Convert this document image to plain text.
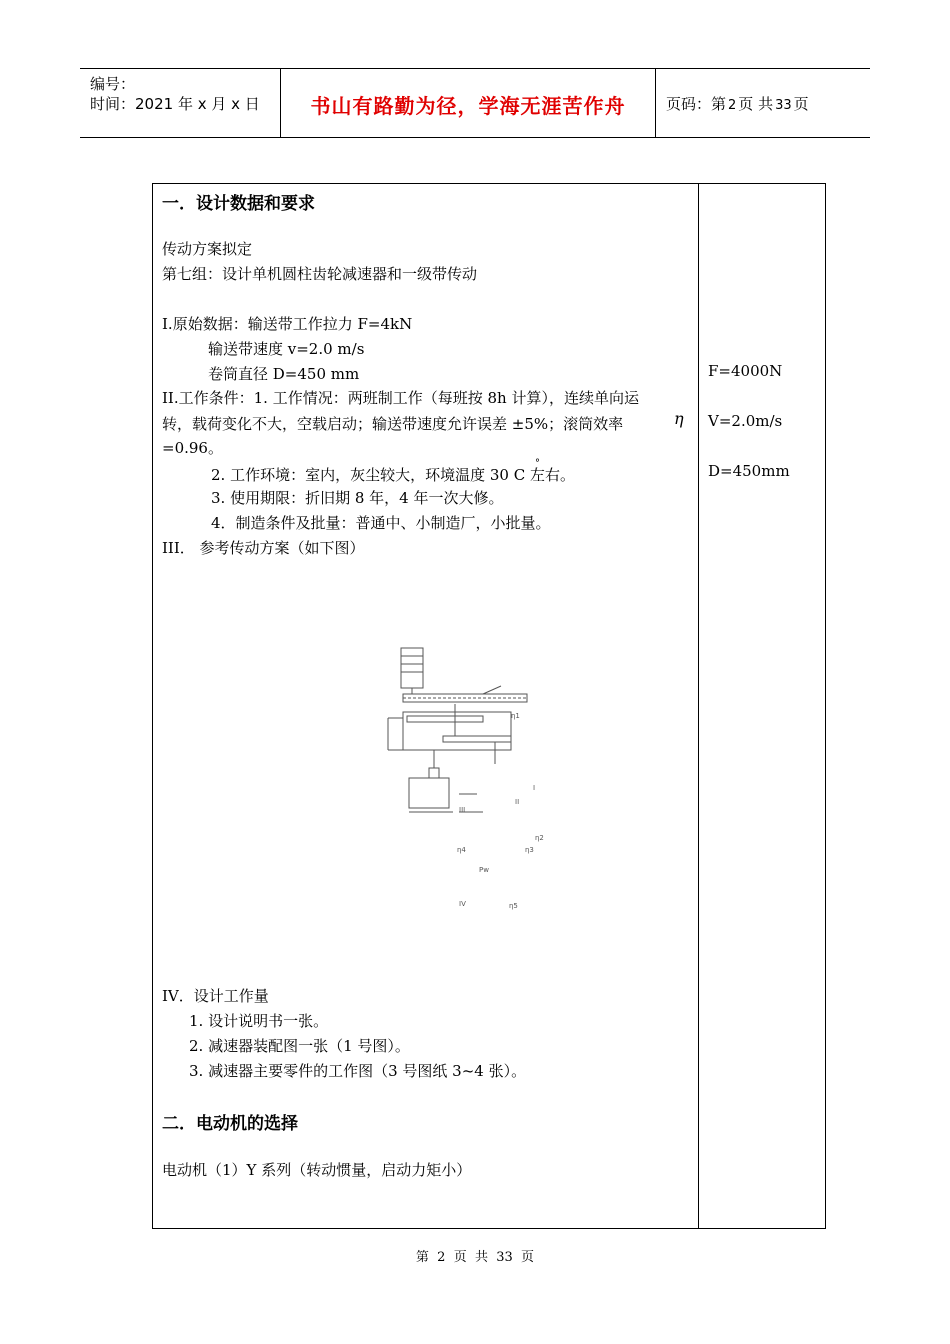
编号：
时间：2021 年 x 月 x 日	书山有路勤为径，学海无涯苦作舟	页码：第 2 页 共 33 页
一．设计数据和要求
传动方案拟定
第七组：设计单机圆柱齿轮减速器和一级带传动
I.原始数据：输送带工作拉力 F=4kN
输送带速度 v=2.0 m/s
卷筒直径 D=450 mm
II.工作条件：1. 工作情况：两班制工作（每班按 8h 计算），连续单向运
转，载荷变化不大，空载启动；输送带速度允许误差 ±5%；滚筒效率	η
=0.96。
2. 工作环境：室内，灰尘较大，环境温度 30 C 左右。
°
3. 使用期限：折旧期 8 年，4 年一次大修。
4．制造条件及批量：普通中、小制造厂，小批量。
III． 参考传动方案（如下图）
η1
I
II
III
η2
η3
η4
Pw
IV	η5
IV．设计工作量
1. 设计说明书一张。
2. 减速器装配图一张（1 号图）。
3. 减速器主要零件的工作图（3 号图纸 3~4 张）。
二．电动机的选择
电动机（1）Y 系列（转动惯量，启动力矩小）
F=4000N
V=2.0m/s
D=450mm
第  2  页  共  33  页
